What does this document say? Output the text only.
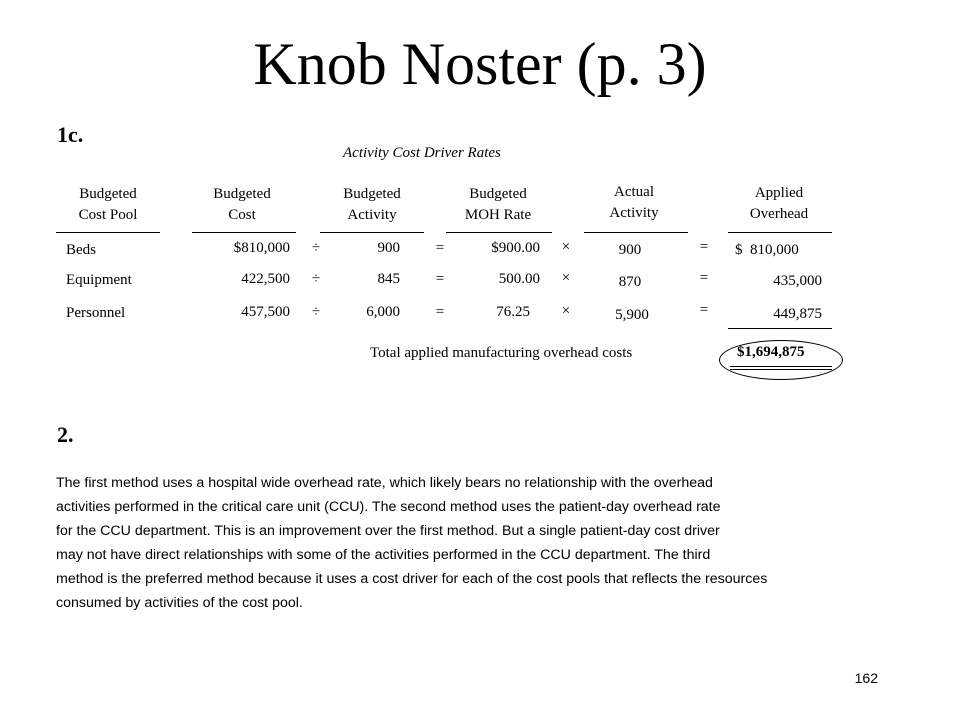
Knob Noster (p. 3)
1c.
Activity Cost Driver Rates
Budgeted
Cost Pool
Budgeted
Cost
Budgeted
Activity
Budgeted
MOH Rate
Actual
Activity
Applied
Overhead
Beds	$810,000	÷	900	=	$900.00	×	900	=	$  810,000
Equipment	422,500	÷	845	=	500.00	×	870	=	435,000
Personnel	457,500	÷	6,000	=	76.25	×	5,900	=	449,875
Total applied manufacturing overhead costs	$1,694,875
2.
The first method uses a hospital wide overhead rate, which likely bears no relationship with the overhead
activities performed in the critical care unit (CCU). The second method uses the patient-day overhead rate
for the CCU department. This is an improvement over the first method. But a single patient-day cost driver
may not have direct relationships with some of the activities performed in the CCU department. The third
method is the preferred method because it uses a cost driver for each of the cost pools that reflects the resources
consumed by activities of the cost pool.
162
